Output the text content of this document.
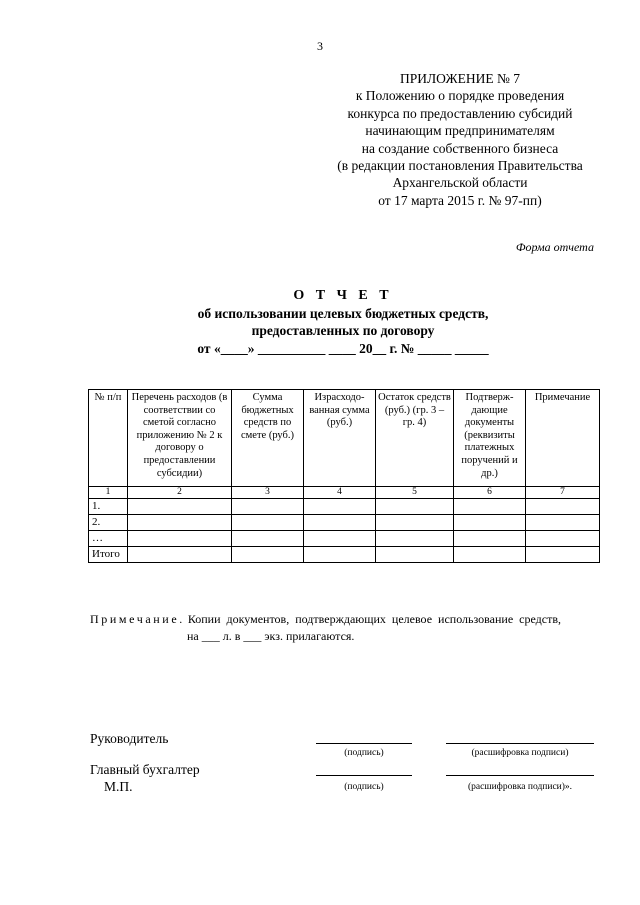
3
ПРИЛОЖЕНИЕ № 7
к Положению о порядке проведения
конкурса по предоставлению субсидий
начинающим предпринимателям
на создание собственного бизнеса
(в редакции постановления Правительства
Архангельской области
от 17 марта 2015 г. № 97-пп)
Форма отчета
О Т Ч Е Т
об использовании целевых бюджетных средств,
предоставленных по договору
от «____» __________ ____ 20__ г. № _____ _____
№ п/п	Перечень расходов (в соответствии со сметой согласно приложению № 2 к договору о предоставлении субсидии)	Сумма бюджетных средств по смете (руб.)	Израсходо-ванная сумма (руб.)	Остаток средств (руб.) (гр. 3 – гр. 4)	Подтверж-дающие документы (реквизиты платежных поручений и др.)	Примечание
1	2	3	4	5	6	7
1.						
2.						
…						
Итого						
Примечание. Копии документов, подтверждающих целевое использование средств,
на ___ л. в ___ экз. прилагаются.
Руководитель
(подпись)	(расшифровка подписи)
Главный бухгалтер
М.П.	(подпись)	(расшифровка подписи)».
